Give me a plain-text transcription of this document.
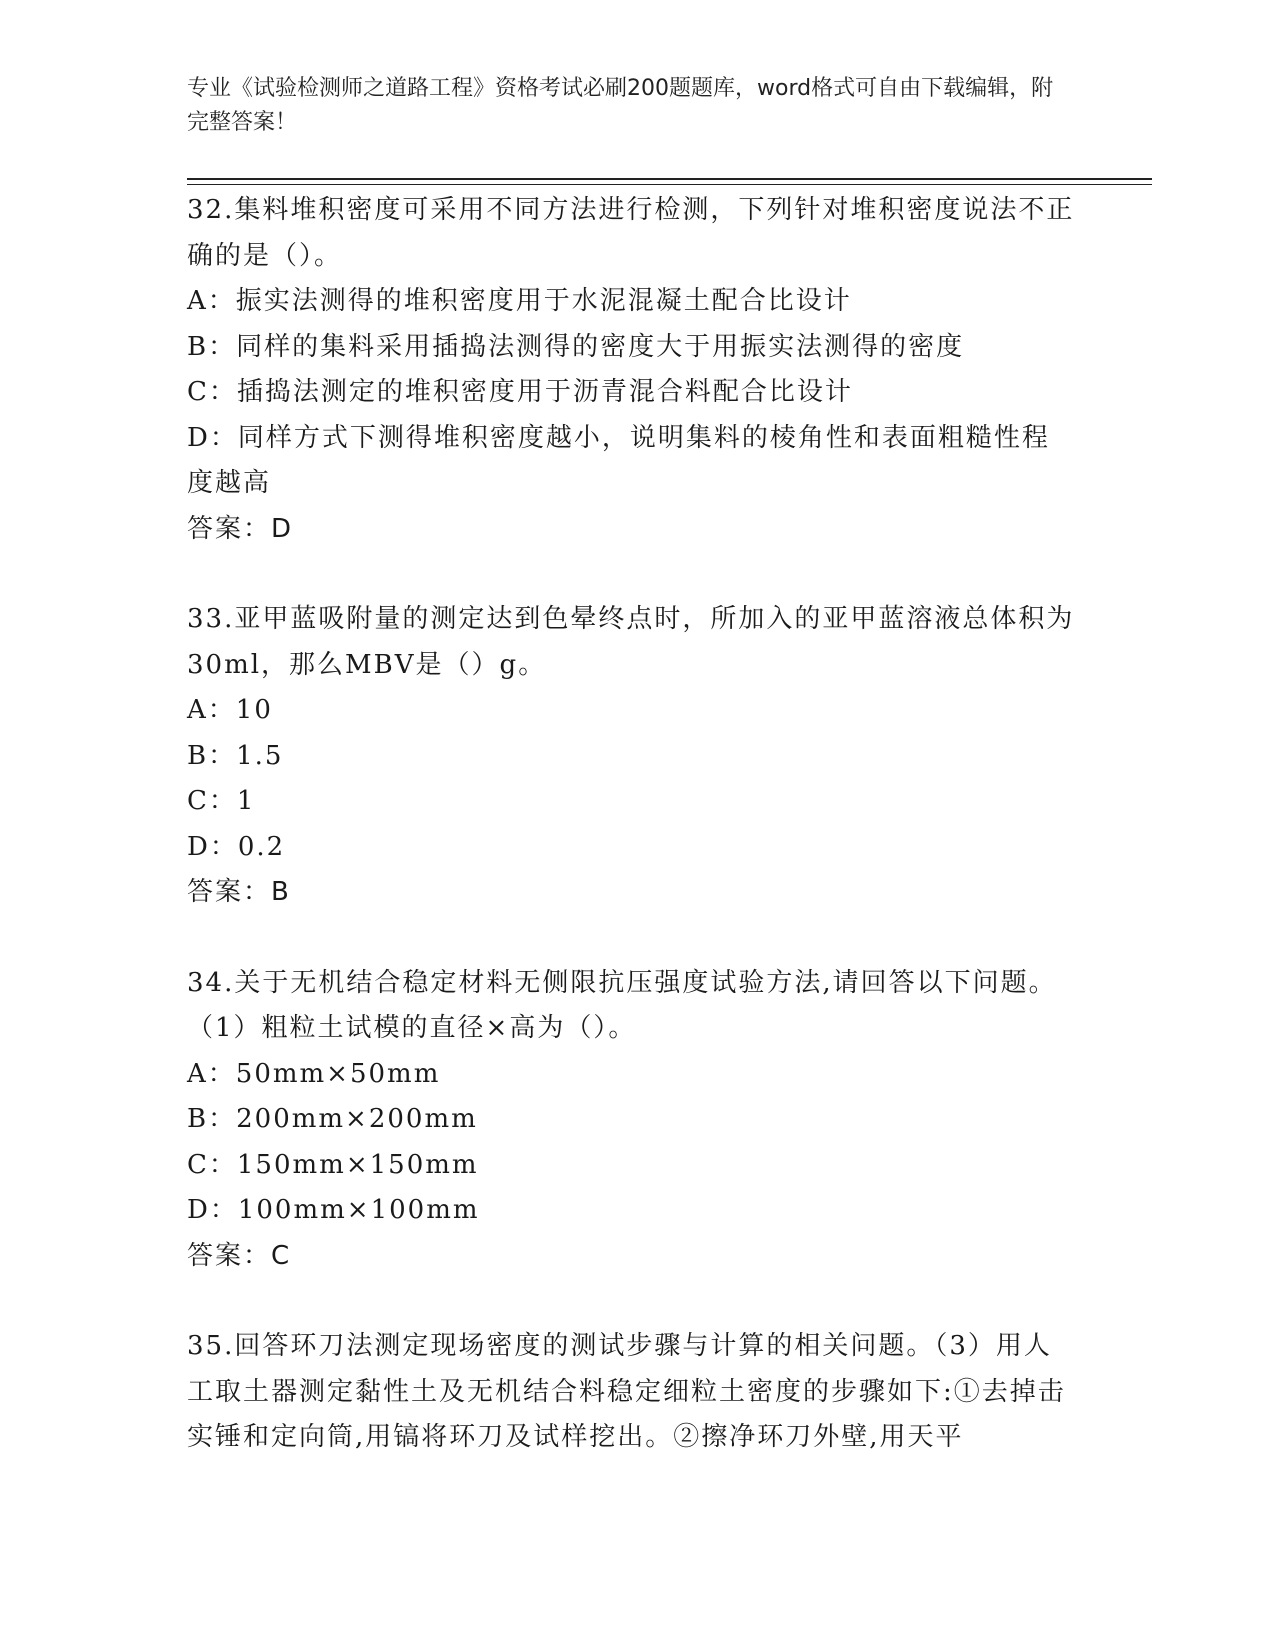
专业《试验检测师之道路工程》资格考试必刷200题题库，word格式可自由下载编辑，附完整答案！

32.集料堆积密度可采用不同方法进行检测，下列针对堆积密度说法不正确的是（）。

A：振实法测得的堆积密度用于水泥混凝土配合比设计

B：同样的集料采用插捣法测得的密度大于用振实法测得的密度

C：插捣法测定的堆积密度用于沥青混合料配合比设计

D：同样方式下测得堆积密度越小，说明集料的棱角性和表面粗糙性程度越高

答案：D

33.亚甲蓝吸附量的测定达到色晕终点时，所加入的亚甲蓝溶液总体积为30ml，那么MBV是（）g。

A：10

B：1.5

C：1

D：0.2

答案：B

34.关于无机结合稳定材料无侧限抗压强度试验方法,请回答以下问题。（1）粗粒土试模的直径×高为（）。

A：50mm×50mm

B：200mm×200mm

C：150mm×150mm

D：100mm×100mm

答案：C

35.回答环刀法测定现场密度的测试步骤与计算的相关问题。（3）用人工取土器测定黏性土及无机结合料稳定细粒土密度的步骤如下:①去掉击实锤和定向筒,用镐将环刀及试样挖出。②擦净环刀外壁,用天平
